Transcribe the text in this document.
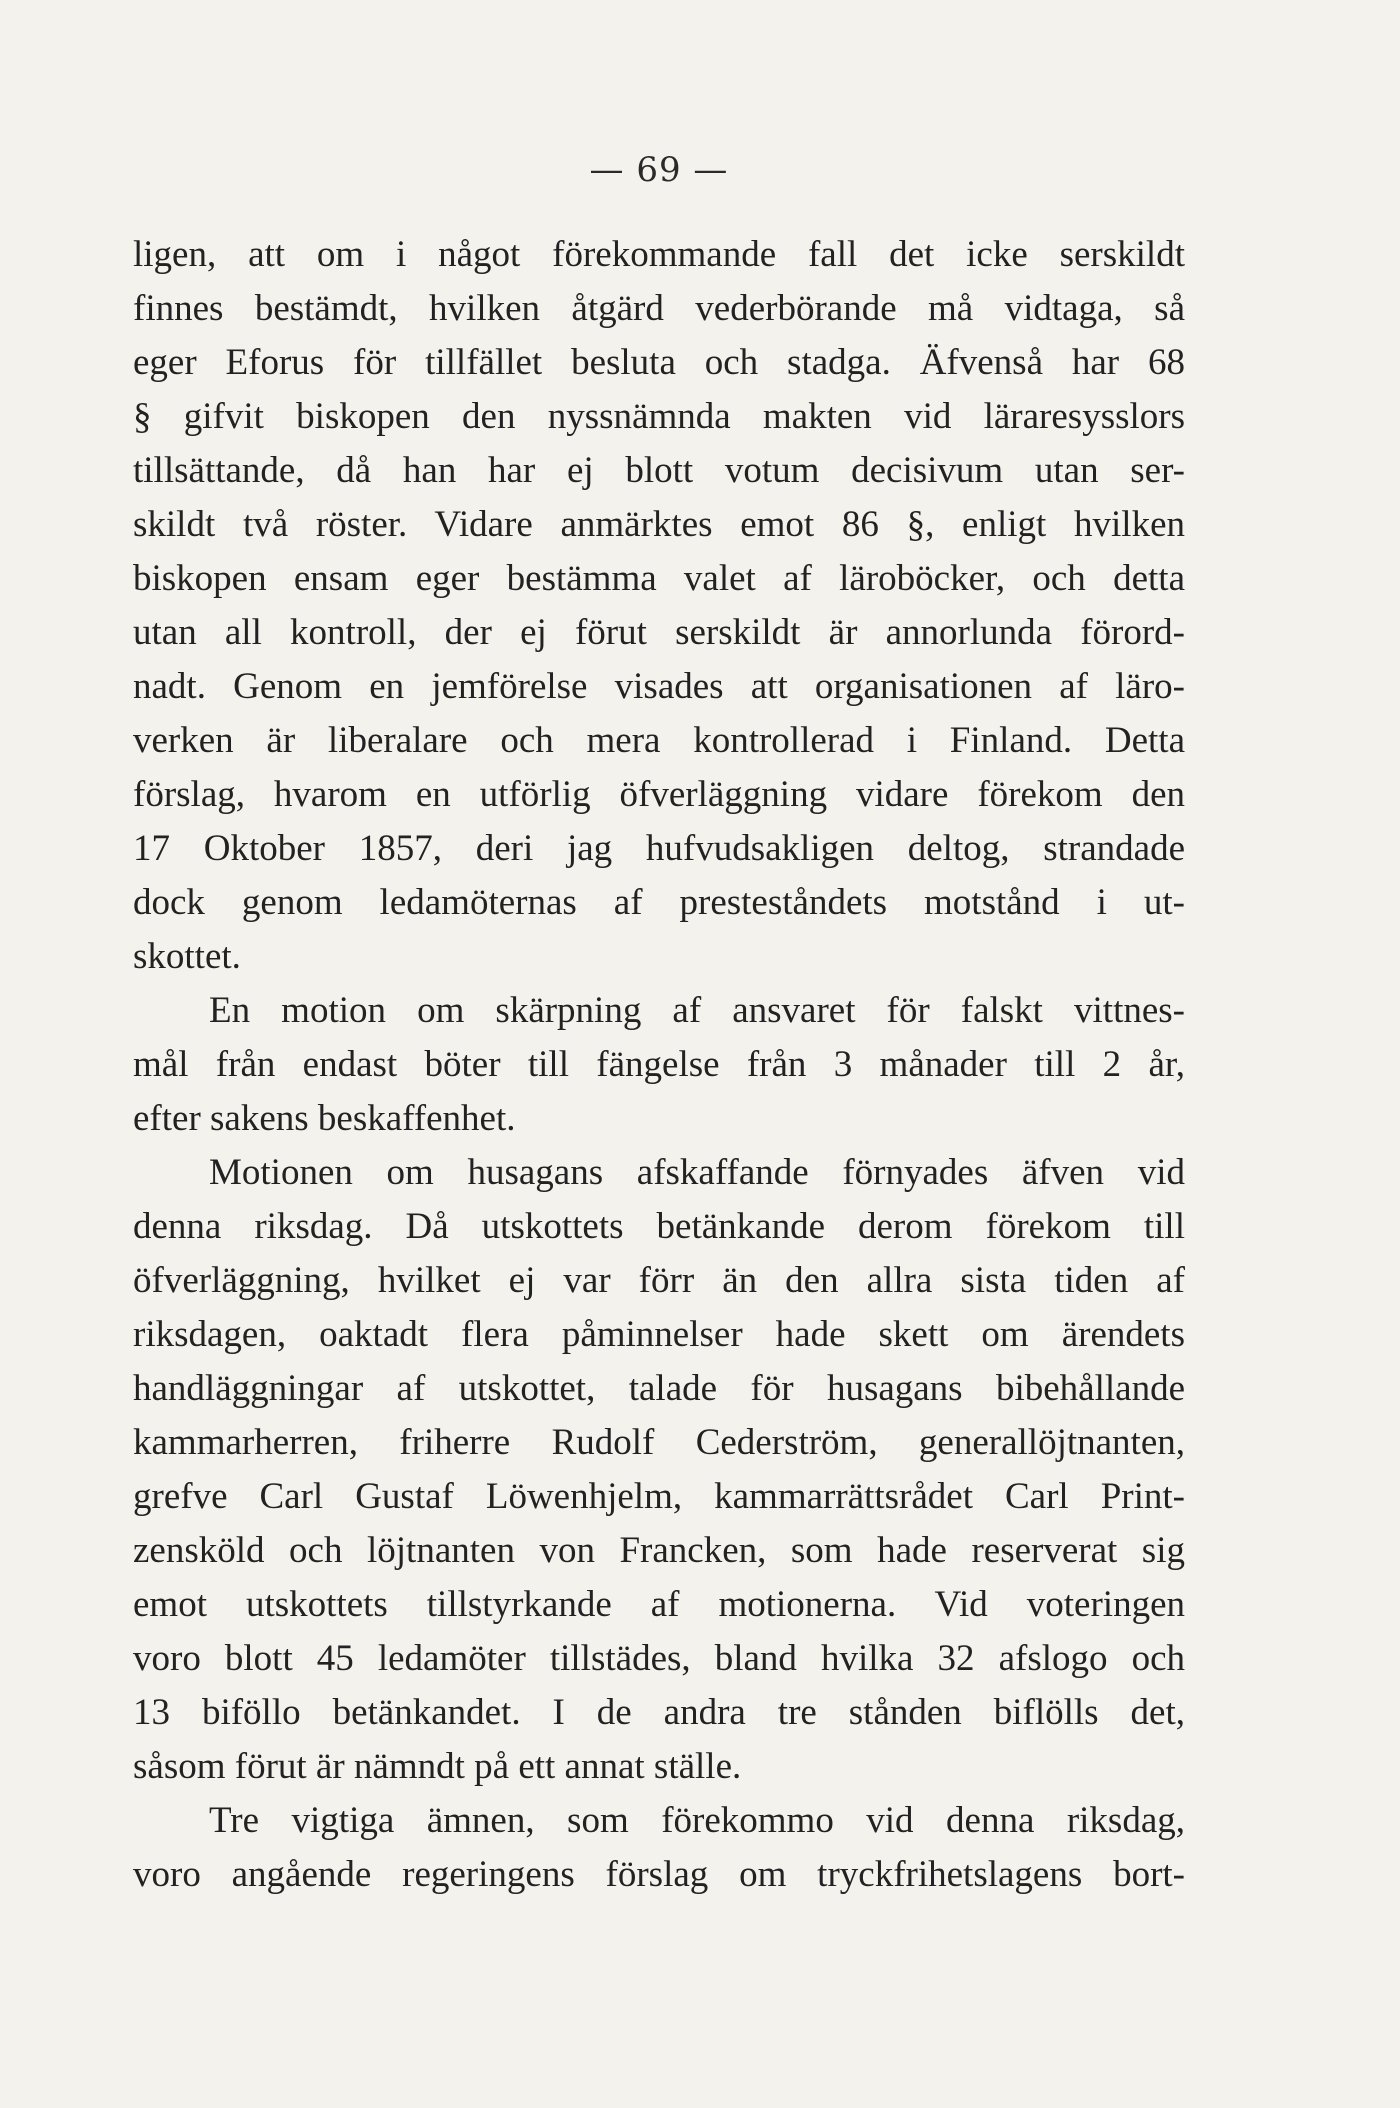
— 69 —
ligen, att om i något förekommande fall det icke serskildt
finnes bestämdt, hvilken åtgärd vederbörande må vidtaga, så
eger Eforus för tillfället besluta och stadga. Äfvenså har 68
§ gifvit biskopen den nyssnämnda makten vid läraresysslors
tillsättande, då han har ej blott votum decisivum utan ser-
skildt två röster. Vidare anmärktes emot 86 §, enligt hvilken
biskopen ensam eger bestämma valet af läroböcker, och detta
utan all kontroll, der ej förut serskildt är annorlunda förord-
nadt. Genom en jemförelse visades att organisationen af läro-
verken är liberalare och mera kontrollerad i Finland. Detta
förslag, hvarom en utförlig öfverläggning vidare förekom den
17 Oktober 1857, deri jag hufvudsakligen deltog, strandade
dock genom ledamöternas af presteståndets motstånd i ut-
skottet.
En motion om skärpning af ansvaret för falskt vittnes-
mål från endast böter till fängelse från 3 månader till 2 år,
efter sakens beskaffenhet.
Motionen om husagans afskaffande förnyades äfven vid
denna riksdag. Då utskottets betänkande derom förekom till
öfverläggning, hvilket ej var förr än den allra sista tiden af
riksdagen, oaktadt flera påminnelser hade skett om ärendets
handläggningar af utskottet, talade för husagans bibehållande
kammarherren, friherre Rudolf Cederström, generallöjtnanten,
grefve Carl Gustaf Löwenhjelm, kammarrättsrådet Carl Print-
zensköld och löjtnanten von Francken, som hade reserverat sig
emot utskottets tillstyrkande af motionerna. Vid voteringen
voro blott 45 ledamöter tillstädes, bland hvilka 32 afslogo och
13 biföllo betänkandet. I de andra tre stånden biflölls det,
såsom förut är nämndt på ett annat ställe.
Tre vigtiga ämnen, som förekommo vid denna riksdag,
voro angående regeringens förslag om tryckfrihetslagens bort-
